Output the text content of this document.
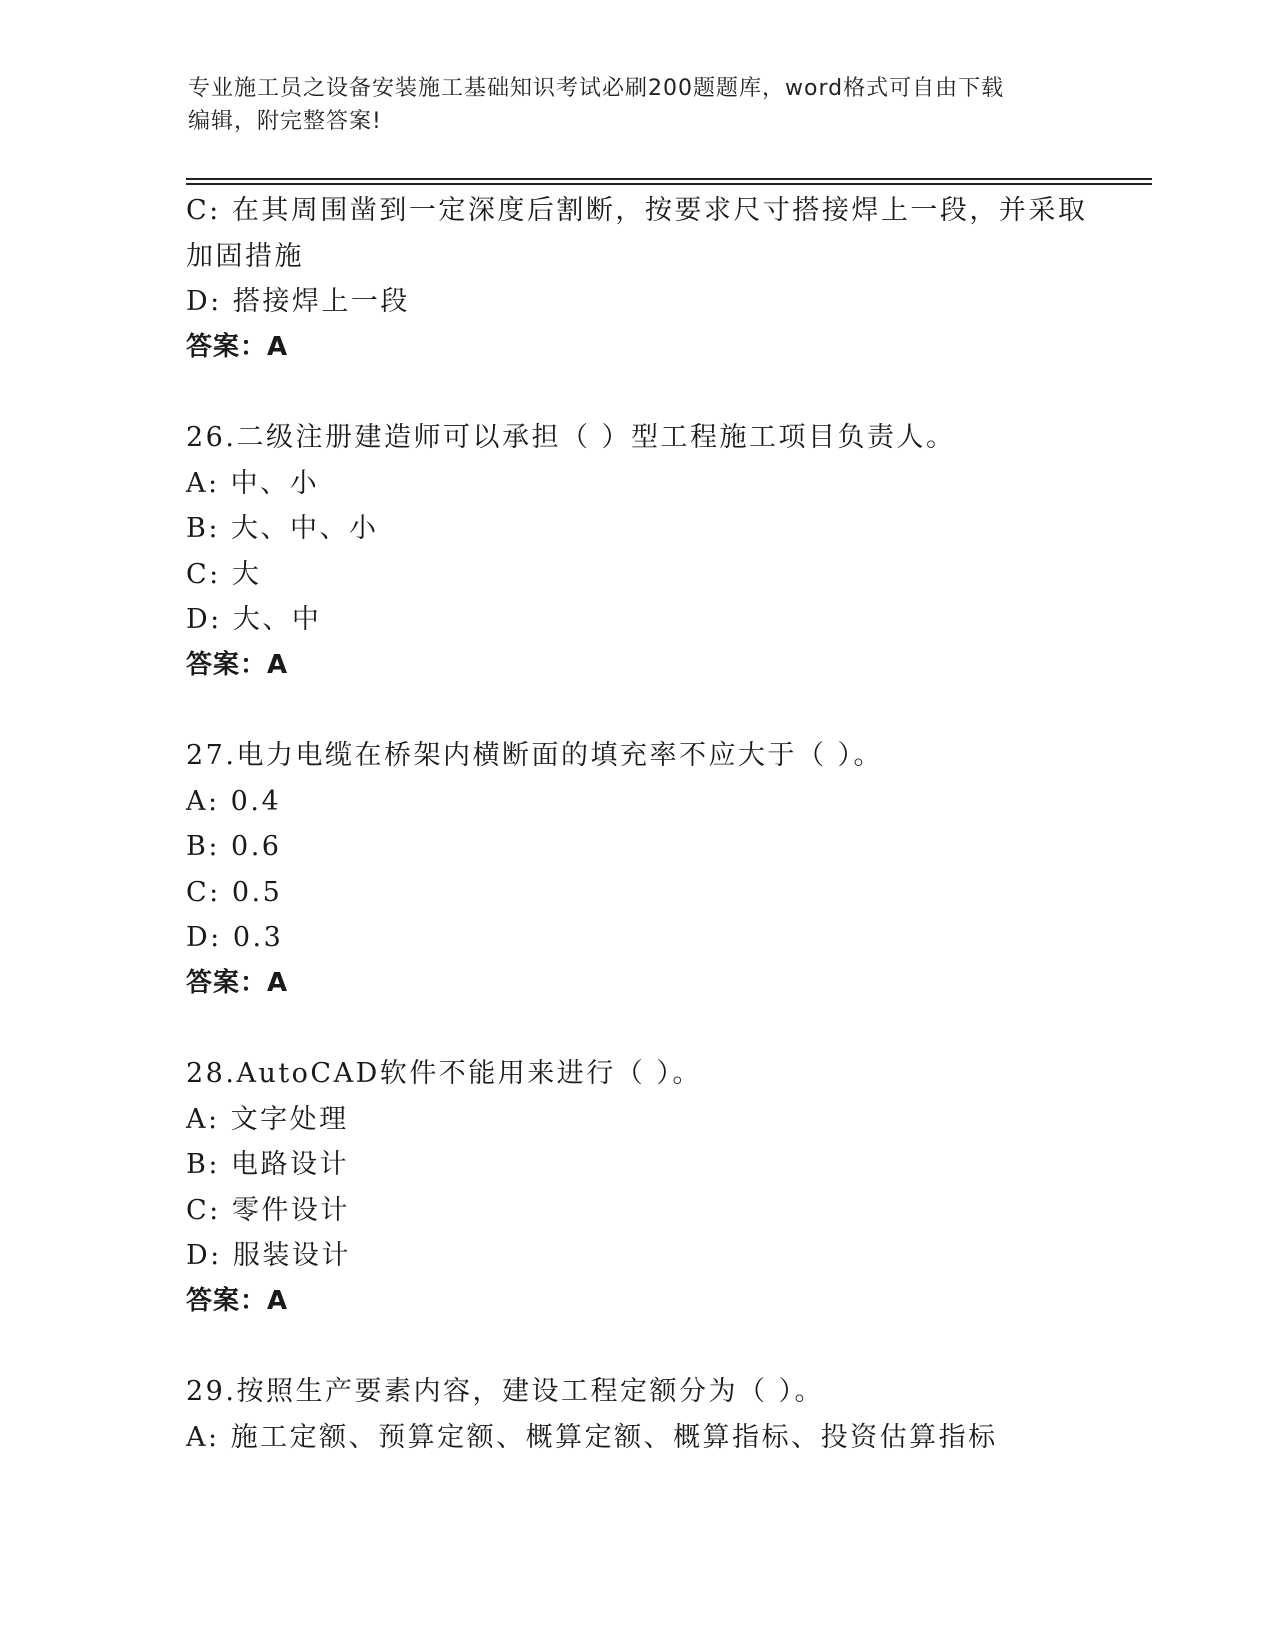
专业施工员之设备安装施工基础知识考试必刷200题题库，word格式可自由下载
编辑，附完整答案!
C: 在其周围凿到一定深度后割断，按要求尺寸搭接焊上一段，并采取
加固措施
D: 搭接焊上一段
答案：A
26.二级注册建造师可以承担（ ）型工程施工项目负责人。
A: 中、小
B: 大、中、小
C: 大
D: 大、中
答案：A
27.电力电缆在桥架内横断面的填充率不应大于（ ）。
A: 0.4
B: 0.6
C: 0.5
D: 0.3
答案：A
28.AutoCAD软件不能用来进行（ ）。
A: 文字处理
B: 电路设计
C: 零件设计
D: 服装设计
答案：A
29.按照生产要素内容，建设工程定额分为（ ）。
A: 施工定额、预算定额、概算定额、概算指标、投资估算指标
